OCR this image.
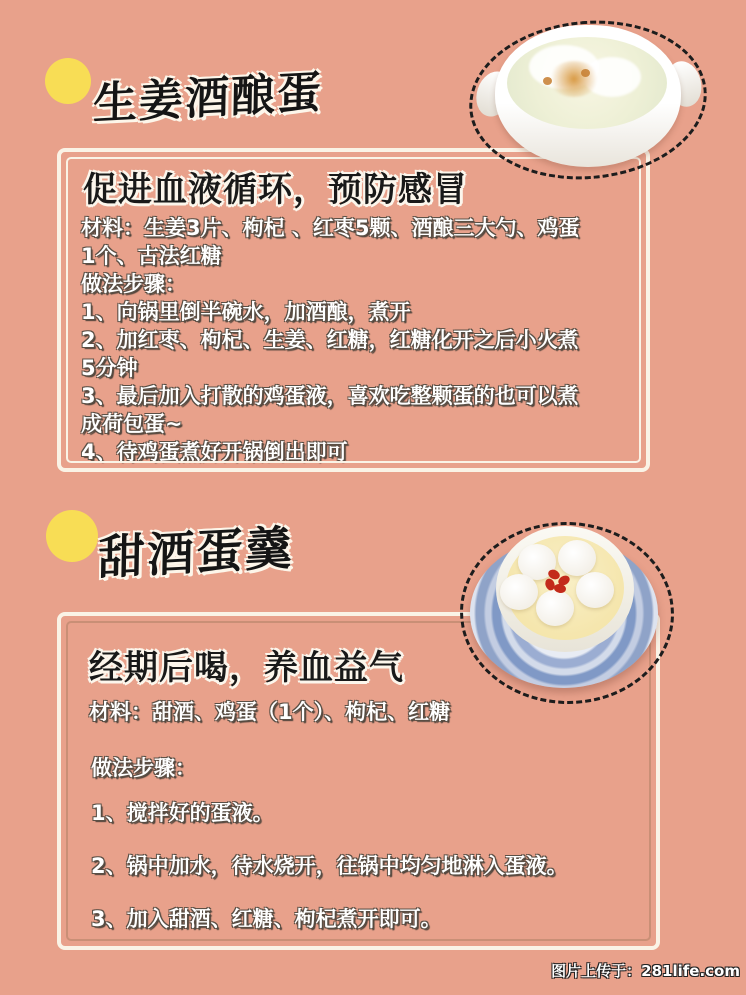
生姜酒酿蛋
促进血液循环，预防感冒
材料：生姜3片、枸杞 、红枣5颗、酒酿三大勺、鸡蛋
1个、古法红糖
做法步骤：
1、向锅里倒半碗水，加酒酿，煮开
2、加红枣、枸杞、生姜、红糖，红糖化开之后小火煮
5分钟
3、最后加入打散的鸡蛋液，喜欢吃整颗蛋的也可以煮
成荷包蛋~
4、待鸡蛋煮好开锅倒出即可
甜酒蛋羹
经期后喝，养血益气
材料：甜酒、鸡蛋（1个）、枸杞、红糖
做法步骤：
1、搅拌好的蛋液。
2、锅中加水，待水烧开，往锅中均匀地淋入蛋液。
3、加入甜酒、红糖、枸杞煮开即可。
图片上传于：281life.com
